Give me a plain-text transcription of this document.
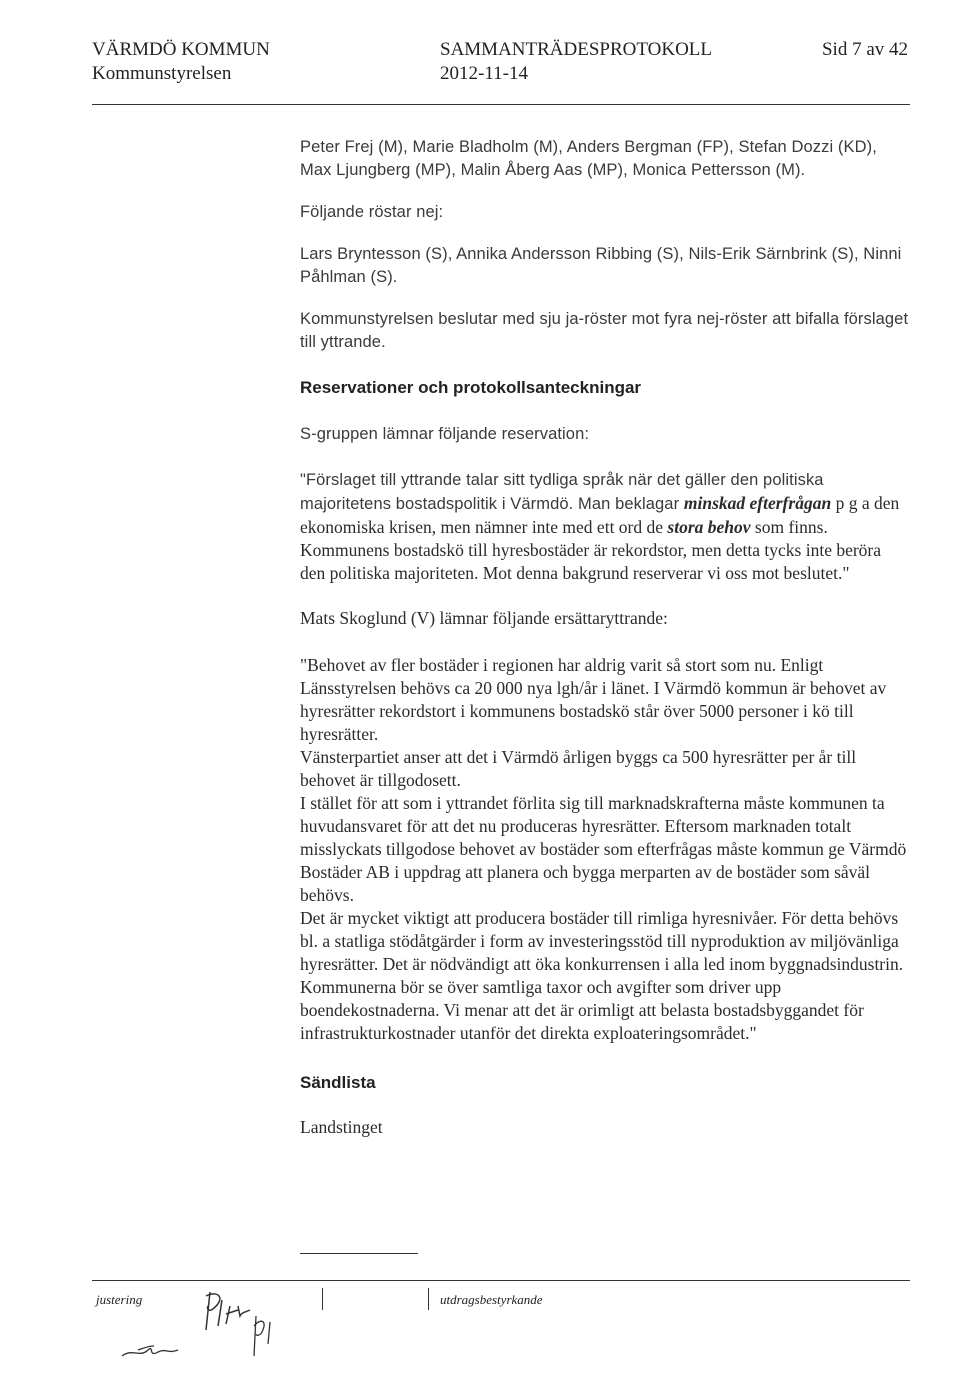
VÄRMDÖ KOMMUN
Kommunstyrelsen
SAMMANTRÄDESPROTOKOLL
2012-11-14
Sid 7 av 42

Peter Frej (M), Marie Bladholm (M), Anders Bergman (FP), Stefan Dozzi (KD), Max Ljungberg (MP), Malin Åberg Aas (MP), Monica Pettersson (M).

Följande röstar nej:

Lars Bryntesson (S), Annika Andersson Ribbing (S), Nils-Erik Särnbrink (S), Ninni Påhlman (S).

Kommunstyrelsen beslutar med sju ja-röster mot fyra nej-röster att bifalla förslaget till yttrande.

Reservationer och protokollsanteckningar

S-gruppen lämnar följande reservation:

"Förslaget till yttrande talar sitt tydliga språk när det gäller den politiska majoritetens bostadspolitik i Värmdö. Man beklagar minskad efterfrågan p g a den ekonomiska krisen, men nämner inte med ett ord de stora behov som finns. Kommunens bostadskö till hyresbostäder är rekordstor, men detta tycks inte beröra den politiska majoriteten. Mot denna bakgrund reserverar vi oss mot beslutet."

Mats Skoglund (V) lämnar följande ersättaryttrande:

"Behovet av fler bostäder i regionen har aldrig varit så stort som nu. Enligt Länsstyrelsen behövs ca 20 000 nya lgh/år i länet. I Värmdö kommun är behovet av hyresrätter rekordstort i kommunens bostadskö står över 5000 personer i kö till hyresrätter.

Vänsterpartiet anser att det i Värmdö årligen byggs ca 500 hyresrätter per år till behovet är tillgodosett.

I stället för att som i yttrandet förlita sig till marknadskrafterna måste kommunen ta huvudansvaret för att det nu produceras hyresrätter. Eftersom marknaden totalt misslyckats tillgodose behovet av bostäder som efterfrågas måste kommun ge Värmdö Bostäder AB i uppdrag att planera och bygga merparten av de bostäder som såväl behövs.

Det är mycket viktigt att producera bostäder till rimliga hyresnivåer. För detta behövs bl. a statliga stödåtgärder i form av investeringsstöd till nyproduktion av miljövänliga hyresrätter. Det är nödvändigt att öka konkurrensen i alla led inom byggnadsindustrin. Kommunerna bör se över samtliga taxor och avgifter som driver upp boendekostnaderna. Vi menar att det är orimligt att belasta bostadsbyggandet för infrastrukturkostnader utanför det direkta exploateringsområdet."

Sändlista

Landstinget

justering	utdragsbestyrkande
